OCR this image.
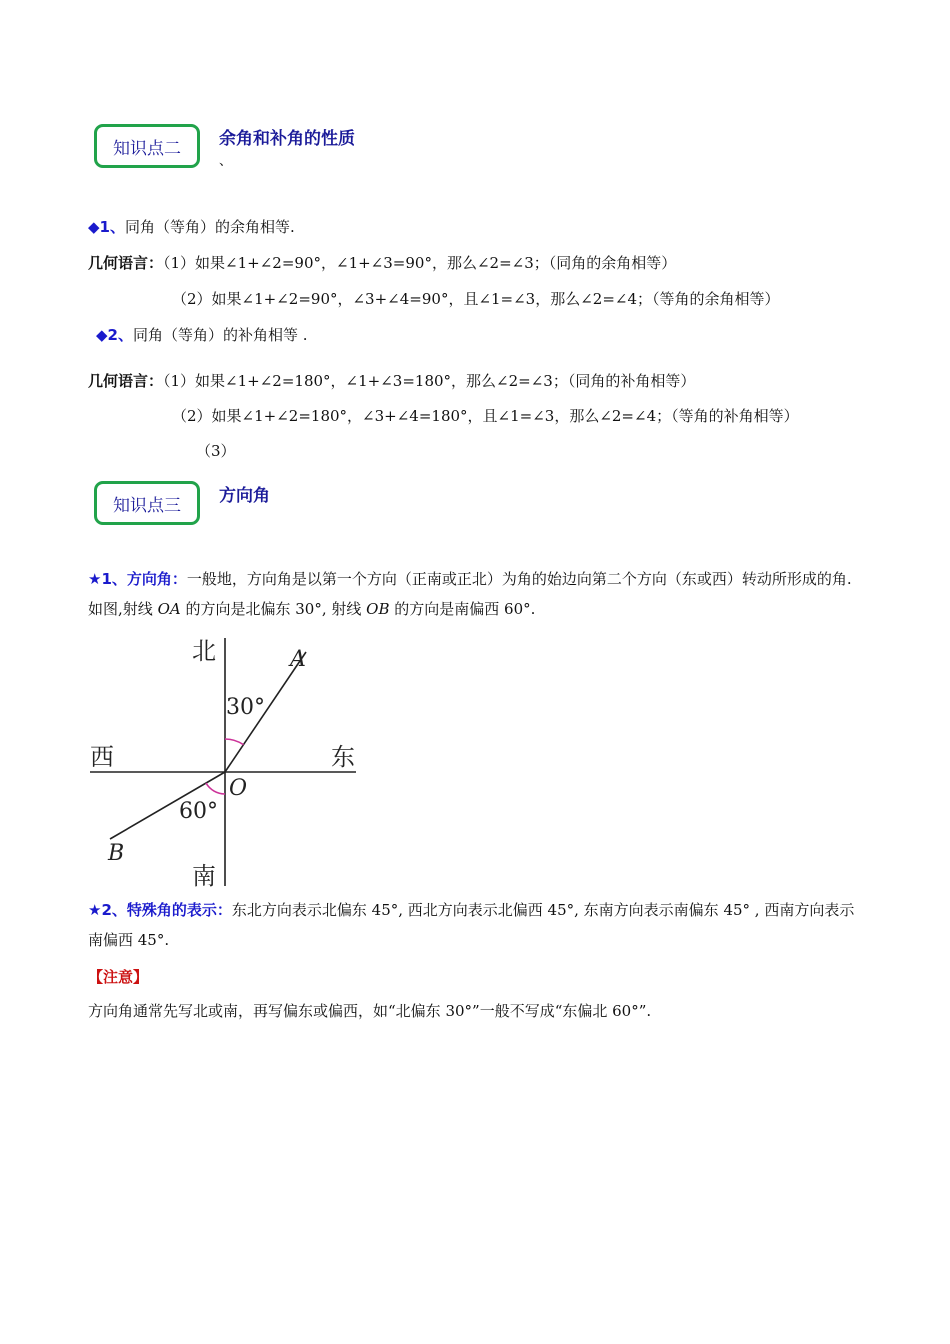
知识点二 余角和补角的性质
、
◆1、同角（等角）的余角相等.
几何语言：（1）如果∠1+∠2=90°，∠1+∠3=90°，那么∠2=∠3；（同角的余角相等）
（2）如果∠1+∠2=90°，∠3+∠4=90°，且∠1=∠3，那么∠2=∠4；（等角的余角相等）
◆2、同角（等角）的补角相等 .
几何语言：（1）如果∠1+∠2=180°，∠1+∠3=180°，那么∠2=∠3；（同角的补角相等）
（2）如果∠1+∠2=180°，∠3+∠4=180°，且∠1=∠3，那么∠2=∠4；（等角的补角相等）
（3）
知识点三 方向角
★1、方向角：一般地，方向角是以第一个方向（正南或正北）为角的始边向第二个方向（东或西）转动所形成的角. 如图,射线 OA 的方向是北偏东 30°, 射线 OB 的方向是南偏西 60°.
北
南
西	东
A
B
O
30°
60°
★2、特殊角的表示：东北方向表示北偏东 45°, 西北方向表示北偏西 45°, 东南方向表示南偏东 45° , 西南方向表示南偏西 45°.
【注意】
方向角通常先写北或南，再写偏东或偏西，如“北偏东 30°”一般不写成“东偏北 60°”.
